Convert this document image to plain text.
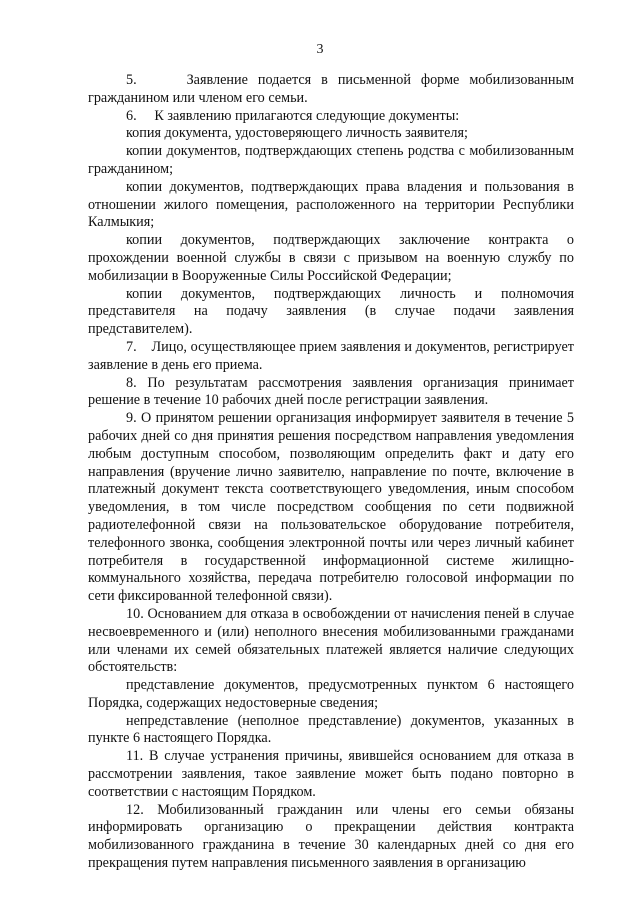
3

5.     Заявление подается в письменной форме мобилизованным гражданином или членом его семьи.

6.     К заявлению прилагаются следующие документы:

копия документа, удостоверяющего личность заявителя;

копии документов, подтверждающих степень родства с мобилизованным гражданином;

копии документов, подтверждающих права владения и пользования в отношении жилого помещения, расположенного на территории Республики Калмыкия;

копии документов, подтверждающих заключение контракта о прохождении военной службы в связи с призывом на военную службу по мобилизации в Вооруженные Силы Российской Федерации;

копии документов, подтверждающих личность и полномочия представителя на подачу заявления (в случае подачи заявления представителем).

7.    Лицо, осуществляющее прием заявления и документов, регистрирует заявление в день его приема.

8. По результатам рассмотрения заявления организация принимает решение в течение 10 рабочих дней после регистрации заявления.

9. О принятом решении организация информирует заявителя в течение 5 рабочих дней со дня принятия решения посредством направления уведомления любым доступным способом, позволяющим определить факт и дату его направления (вручение лично заявителю, направление по почте, включение в платежный документ текста соответствующего уведомления, иным способом уведомления, в том числе посредством сообщения по сети подвижной радиотелефонной связи на пользовательское оборудование потребителя, телефонного звонка, сообщения электронной почты или через личный кабинет потребителя в государственной информационной системе жилищно-коммунального хозяйства, передача потребителю голосовой информации по сети фиксированной телефонной связи).

10. Основанием для отказа в освобождении от начисления пеней в случае несвоевременного и (или) неполного внесения мобилизованными гражданами или членами их семей обязательных платежей является наличие следующих обстоятельств:

представление документов, предусмотренных пунктом 6 настоящего Порядка, содержащих недостоверные сведения;

непредставление (неполное представление) документов, указанных в пункте 6 настоящего Порядка.

11. В случае устранения причины, явившейся основанием для отказа в рассмотрении заявления, такое заявление может быть подано повторно в соответствии с настоящим Порядком.

12. Мобилизованный гражданин или члены его семьи обязаны информировать организацию о прекращении действия контракта мобилизованного гражданина в течение 30 календарных дней со дня его прекращения путем направления письменного заявления в организацию
